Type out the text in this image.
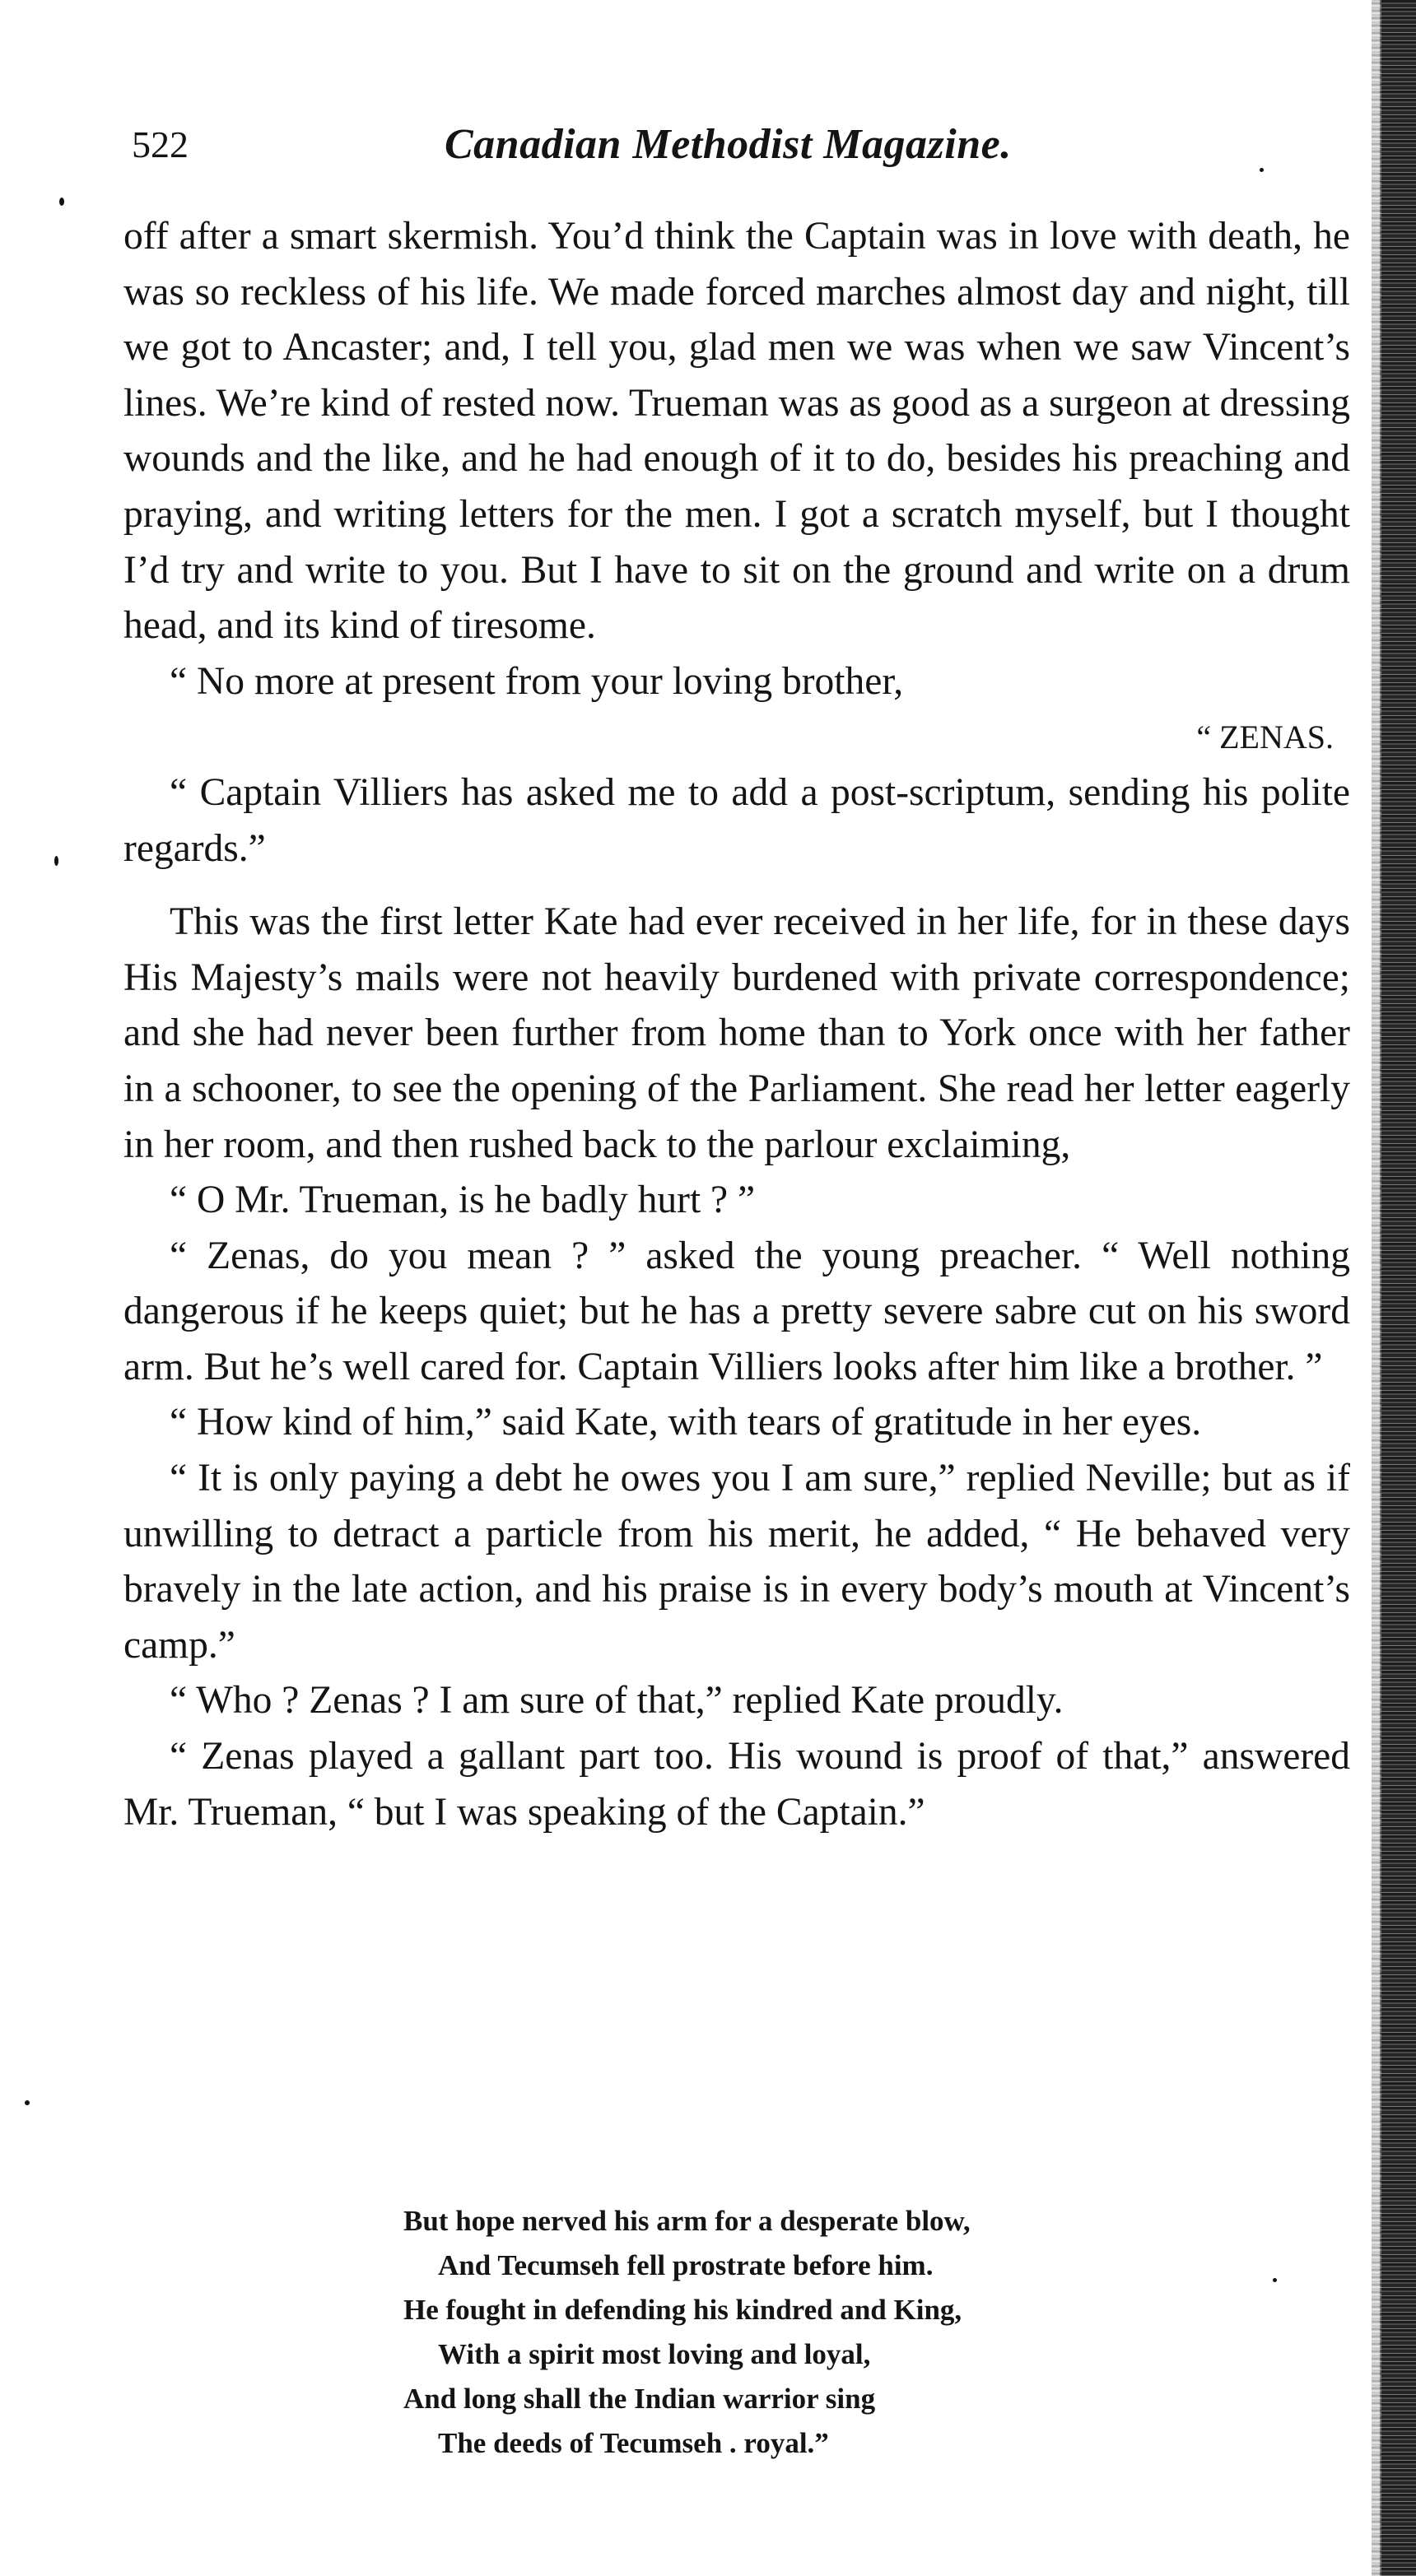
522	Canadian Methodist Magazine.

off after a smart skermish. You’d think the Captain was in love with death, he was so reckless of his life. We made forced marches almost day and night, till we got to Ancaster; and, I tell you, glad men we was when we saw Vincent’s lines. We’re kind of rested now. Trueman was as good as a surgeon at dressing wounds and the like, and he had enough of it to do, besides his preaching and praying, and writing letters for the men. I got a scratch myself, but I thought I’d try and write to you. But I have to sit on the ground and write on a drum head, and its kind of tiresome.

“ No more at present from your loving brother,

“ ZENAS.

“ Captain Villiers has asked me to add a post-scriptum, sending his polite regards.”

This was the first letter Kate had ever received in her life, for in these days His Majesty’s mails were not heavily burdened with private correspondence; and she had never been further from home than to York once with her father in a schooner, to see the opening of the Parliament. She read her letter eagerly in her room, and then rushed back to the parlour exclaiming,

“ O Mr. Trueman, is he badly hurt ? ”

“ Zenas, do you mean ? ” asked the young preacher. “ Well nothing dangerous if he keeps quiet; but he has a pretty severe sabre cut on his sword arm. But he’s well cared for. Captain Villiers looks after him like a brother. ”

“ How kind of him,” said Kate, with tears of gratitude in her eyes.

“ It is only paying a debt he owes you I am sure,” replied Neville; but as if unwilling to detract a particle from his merit, he added, “ He behaved very bravely in the late action, and his praise is in every body’s mouth at Vincent’s camp.”

“ Who ? Zenas ? I am sure of that,” replied Kate proudly.

“ Zenas played a gallant part too. His wound is proof of that,” answered Mr. Trueman, “ but I was speaking of the Captain.”

But hope nerved his arm for a desperate blow,

And Tecumseh fell prostrate before him.

He fought in defending his kindred and King,

With a spirit most loving and loyal,

And long shall the Indian warrior sing

The deeds of Tecumseh . royal.”
